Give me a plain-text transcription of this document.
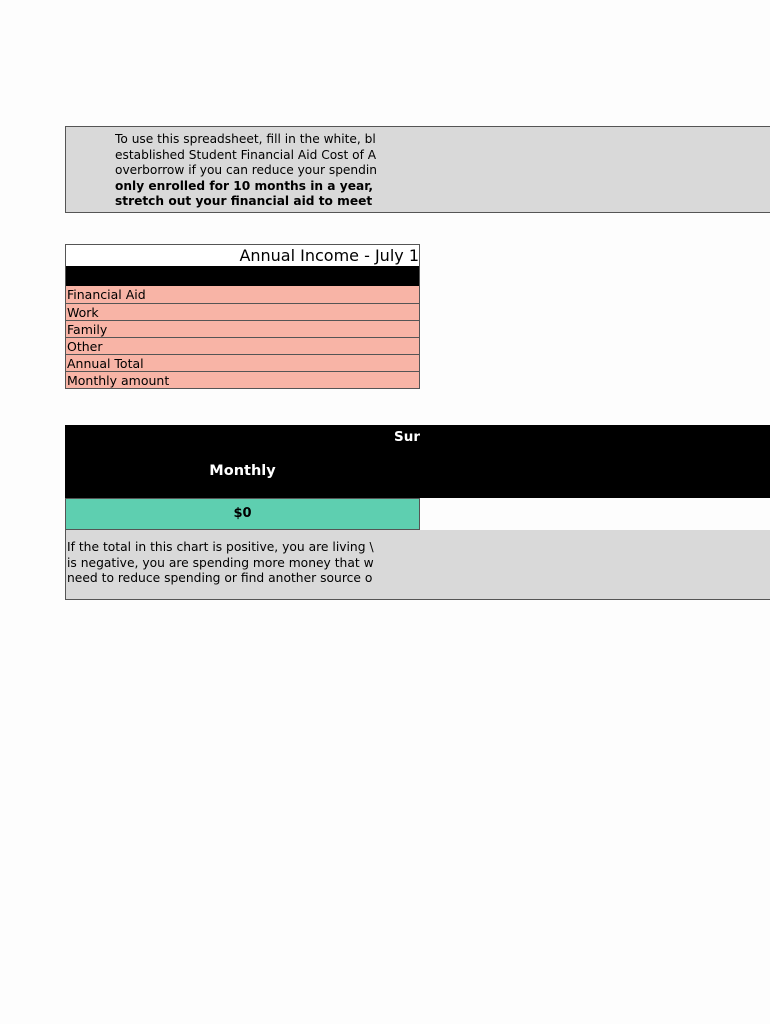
To use this spreadsheet, fill in the white, bl
established Student Financial Aid Cost of A
overborrow if you can reduce your spendin
only enrolled for 10 months in a year,
stretch out your financial aid to meet
Annual Income - July 1
Financial Aid
Work
Family
Other
Annual Total
Monthly amount
Sur
Monthly
$0
If the total in this chart is positive, you are living \
is negative, you are spending more money that w
need to reduce spending or find another source o
